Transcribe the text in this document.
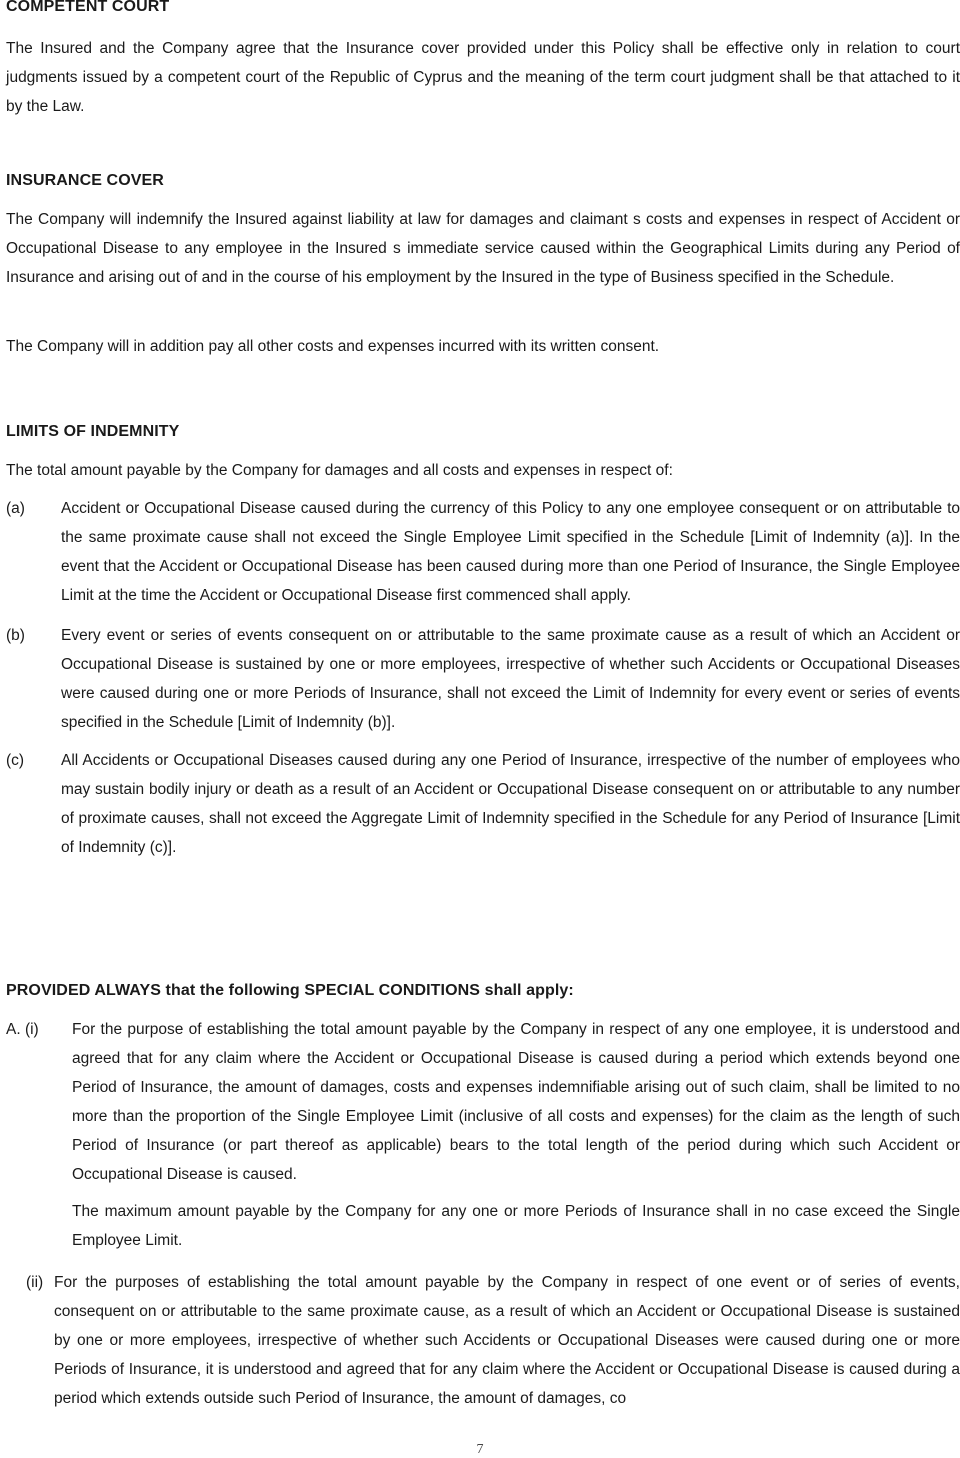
COMPETENT COURT

The Insured and the Company agree that the Insurance cover provided under this Policy shall be effective only in relation to court judgments issued by a competent court of the Republic of Cyprus and the meaning of the term court judgment shall be that attached to it by the Law.

INSURANCE COVER

The Company will indemnify the Insured against liability at law for damages and claimant s costs and expenses in respect of Accident or Occupational Disease to any employee in the Insured s immediate service caused within the Geographical Limits during any Period of Insurance and arising out of and in the course of his employment by the Insured in the type of Business specified in the Schedule.

The Company will in addition pay all other costs and expenses incurred with its written consent.

LIMITS OF INDEMNITY

The total amount payable by the Company for damages and all costs and expenses in respect of:

(a)	Accident or Occupational Disease caused during the currency of this Policy to any one employee consequent or on attributable to the same proximate cause shall not exceed the Single Employee Limit specified in the Schedule [Limit of Indemnity (a)]. In the event that the Accident or Occupational Disease has been caused during more than one Period of Insurance, the Single Employee Limit at the time the Accident or Occupational Disease first commenced shall apply.
(b)	Every event or series of events consequent on or attributable to the same proximate cause as a result of which an Accident or Occupational Disease is sustained by one or more employees, irrespective of whether such Accidents or Occupational Diseases were caused during one or more Periods of Insurance, shall not exceed the Limit of Indemnity for every event or series of events specified in the Schedule [Limit of Indemnity (b)].
(c)	All Accidents or Occupational Diseases caused during any one Period of Insurance, irrespective of the number of employees who may sustain bodily injury or death as a result of an Accident or Occupational Disease consequent on or attributable to any number of proximate causes, shall not exceed the Aggregate Limit of Indemnity specified in the Schedule for any Period of Insurance [Limit of Indemnity (c)].
PROVIDED ALWAYS that the following SPECIAL CONDITIONS shall apply:
A. (i)	For the purpose of establishing the total amount payable by the Company in respect of any one employee, it is understood and agreed that for any claim where the Accident or Occupational Disease is caused during a period which extends beyond one Period of Insurance, the amount of damages, costs and expenses indemnifiable arising out of such claim, shall be limited to no more than the proportion of the Single Employee Limit (inclusive of all costs and expenses) for the claim as the length of such Period of Insurance (or part thereof as applicable) bears to the total length of the period during which such Accident or Occupational Disease is caused.

The maximum amount payable by the Company for any one or more Periods of Insurance shall in no case exceed the Single Employee Limit.

(ii) For the purposes of establishing the total amount payable by the Company in respect of one event or of series of events, consequent on or attributable to the same proximate cause, as a result of which an Accident or Occupational Disease is sustained by one or more employees, irrespective of whether such Accidents or Occupational Diseases were caused during one or more Periods of Insurance, it is understood and agreed that for any claim where the Accident or Occupational Disease is caused during a period which extends outside such Period of Insurance, the amount of damages, co
7
